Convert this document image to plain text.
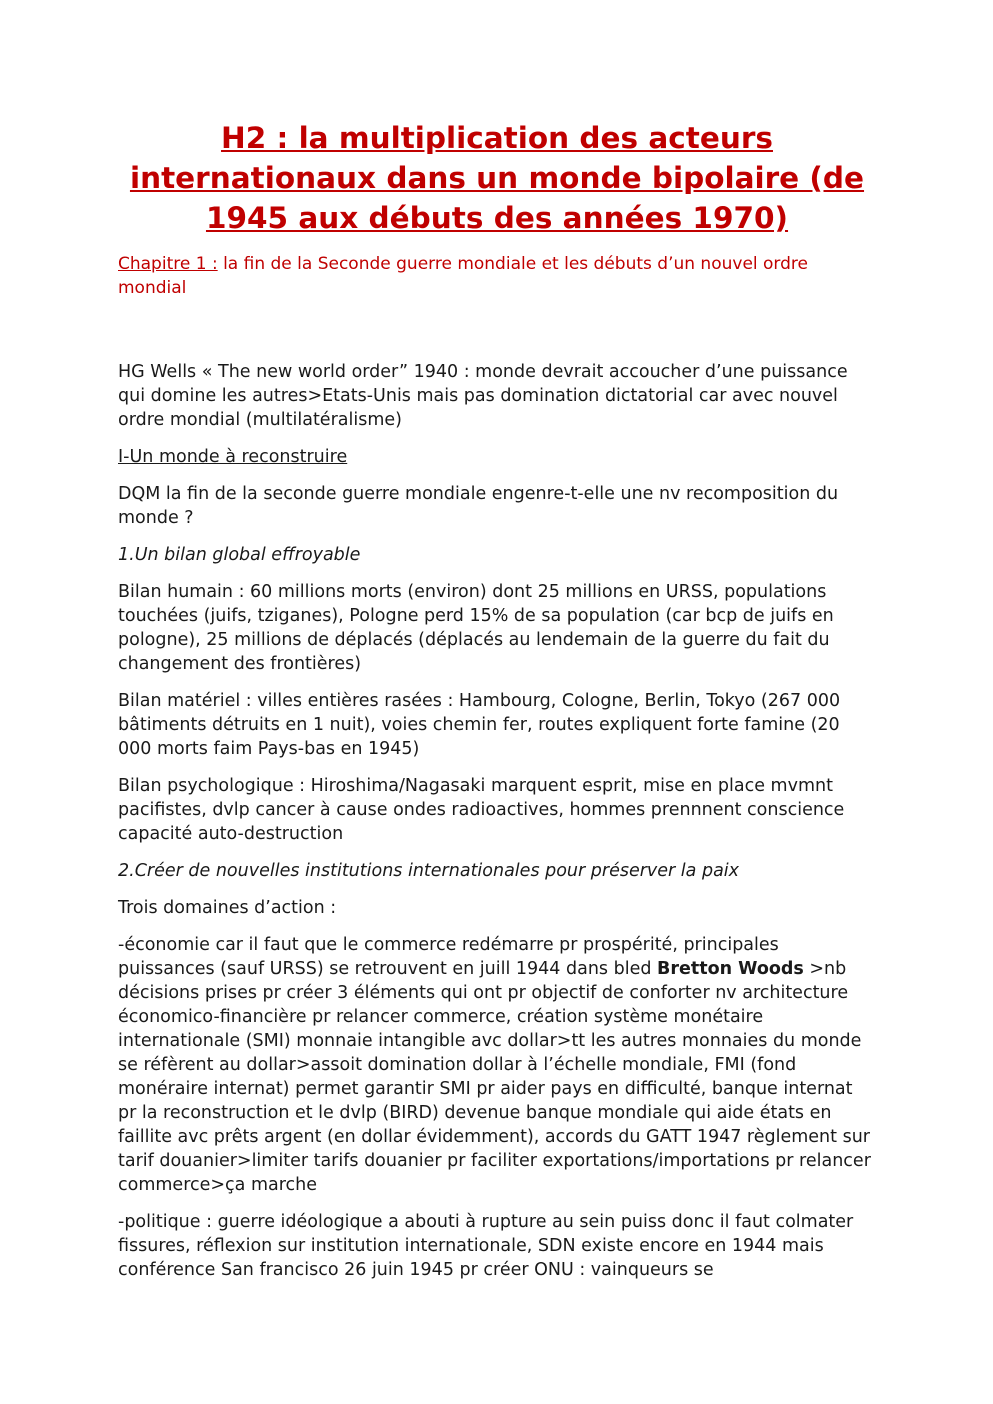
H2 : la multiplication des acteurs internationaux dans un monde bipolaire (de 1945 aux débuts des années 1970)
Chapitre 1 : la fin de la Seconde guerre mondiale et les débuts d’un nouvel ordre mondial

HG Wells « The new world order” 1940 : monde devrait accoucher d’une puissance qui domine les autres>Etats-Unis mais pas domination dictatorial car avec nouvel ordre mondial (multilatéralisme)

I-Un monde à reconstruire

DQM la fin de la seconde guerre mondiale engenre-t-elle une nv recomposition du monde ?

1.Un bilan global effroyable

Bilan humain : 60 millions morts (environ) dont 25 millions en URSS, populations touchées (juifs, tziganes), Pologne perd 15% de sa population (car bcp de juifs en pologne), 25 millions de déplacés (déplacés au lendemain de la guerre du fait du changement des frontières)

Bilan matériel : villes entières rasées : Hambourg, Cologne, Berlin, Tokyo (267 000 bâtiments détruits en 1 nuit), voies chemin fer, routes expliquent forte famine (20 000 morts faim Pays-bas en 1945)

Bilan psychologique : Hiroshima/Nagasaki marquent esprit, mise en place mvmnt pacifistes, dvlp cancer à cause ondes radioactives, hommes prennnent conscience capacité auto-destruction

2.Créer de nouvelles institutions internationales pour préserver la paix

Trois domaines d’action :

-économie car il faut que le commerce redémarre pr prospérité, principales puissances (sauf URSS) se retrouvent en juill 1944 dans bled Bretton Woods >nb décisions prises pr créer 3 éléments qui ont pr objectif de conforter nv architecture économico-financière pr relancer commerce, création système monétaire internationale (SMI) monnaie intangible avc dollar>tt les autres monnaies du monde se réfèrent au dollar>assoit domination dollar à l’échelle mondiale, FMI (fond monéraire internat) permet garantir SMI pr aider pays en difficulté, banque internat pr la reconstruction et le dvlp (BIRD) devenue banque mondiale qui aide états en faillite avc prêts argent (en dollar évidemment), accords du GATT 1947 règlement sur tarif douanier>limiter tarifs douanier pr faciliter exportations/importations pr relancer commerce>ça marche

-politique : guerre idéologique a abouti à rupture au sein puiss donc il faut colmater fissures, réflexion sur institution internationale, SDN existe encore en 1944 mais conférence San francisco 26 juin 1945 pr créer ONU : vainqueurs se
